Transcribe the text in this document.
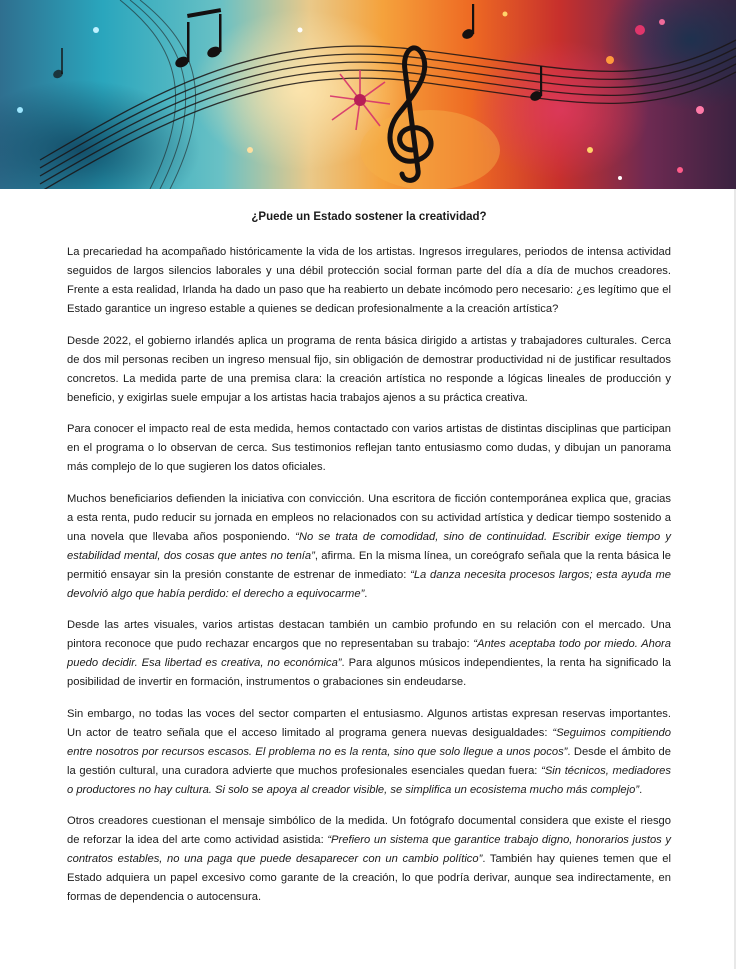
¿Puede un Estado sostener la creatividad?

La precariedad ha acompañado históricamente la vida de los artistas. Ingresos irregulares, periodos de intensa actividad seguidos de largos silencios laborales y una débil protección social forman parte del día a día de muchos creadores. Frente a esta realidad, Irlanda ha dado un paso que ha reabierto un debate incómodo pero necesario: ¿es legítimo que el Estado garantice un ingreso estable a quienes se dedican profesionalmente a la creación artística?

Desde 2022, el gobierno irlandés aplica un programa de renta básica dirigido a artistas y trabajadores culturales. Cerca de dos mil personas reciben un ingreso mensual fijo, sin obligación de demostrar productividad ni de justificar resultados concretos. La medida parte de una premisa clara: la creación artística no responde a lógicas lineales de producción y beneficio, y exigirlas suele empujar a los artistas hacia trabajos ajenos a su práctica creativa.

Para conocer el impacto real de esta medida, hemos contactado con varios artistas de distintas disciplinas que participan en el programa o lo observan de cerca. Sus testimonios reflejan tanto entusiasmo como dudas, y dibujan un panorama más complejo de lo que sugieren los datos oficiales.

Muchos beneficiarios defienden la iniciativa con convicción. Una escritora de ficción contemporánea explica que, gracias a esta renta, pudo reducir su jornada en empleos no relacionados con su actividad artística y dedicar tiempo sostenido a una novela que llevaba años posponiendo. “No se trata de comodidad, sino de continuidad. Escribir exige tiempo y estabilidad mental, dos cosas que antes no tenía”, afirma. En la misma línea, un coreógrafo señala que la renta básica le permitió ensayar sin la presión constante de estrenar de inmediato: “La danza necesita procesos largos; esta ayuda me devolvió algo que había perdido: el derecho a equivocarme”.

Desde las artes visuales, varios artistas destacan también un cambio profundo en su relación con el mercado. Una pintora reconoce que pudo rechazar encargos que no representaban su trabajo: “Antes aceptaba todo por miedo. Ahora puedo decidir. Esa libertad es creativa, no económica”. Para algunos músicos independientes, la renta ha significado la posibilidad de invertir en formación, instrumentos o grabaciones sin endeudarse.

Sin embargo, no todas las voces del sector comparten el entusiasmo. Algunos artistas expresan reservas importantes. Un actor de teatro señala que el acceso limitado al programa genera nuevas desigualdades: “Seguimos compitiendo entre nosotros por recursos escasos. El problema no es la renta, sino que solo llegue a unos pocos”. Desde el ámbito de la gestión cultural, una curadora advierte que muchos profesionales esenciales quedan fuera: “Sin técnicos, mediadores o productores no hay cultura. Si solo se apoya al creador visible, se simplifica un ecosistema mucho más complejo”.

Otros creadores cuestionan el mensaje simbólico de la medida. Un fotógrafo documental considera que existe el riesgo de reforzar la idea del arte como actividad asistida: “Prefiero un sistema que garantice trabajo digno, honorarios justos y contratos estables, no una paga que puede desaparecer con un cambio político”. También hay quienes temen que el Estado adquiera un papel excesivo como garante de la creación, lo que podría derivar, aunque sea indirectamente, en formas de dependencia o autocensura.
